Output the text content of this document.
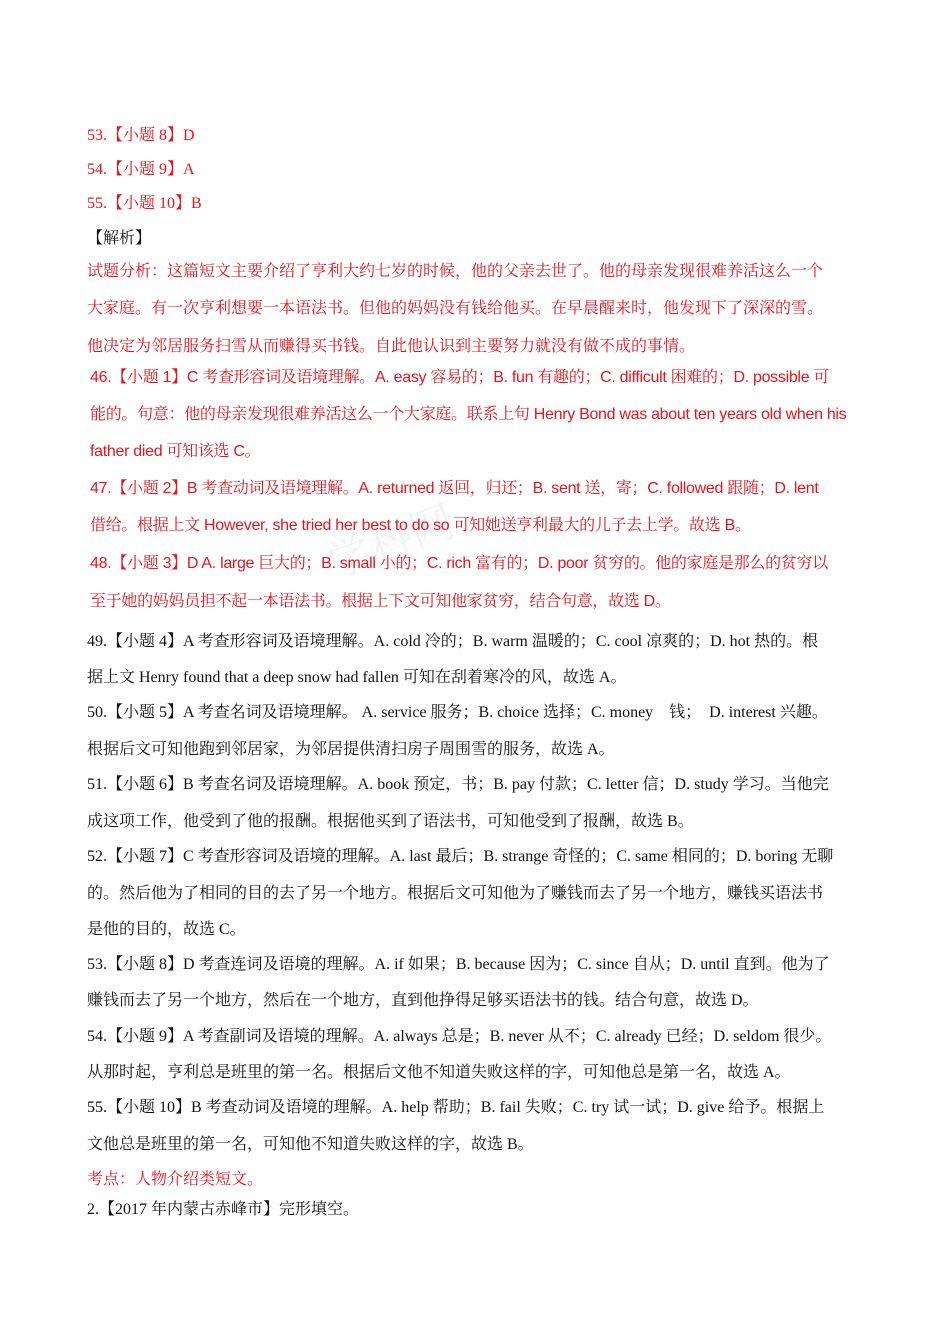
学科网
53.【小题 8】D
54.【小题 9】A
55.【小题 10】B
【解析】
试题分析：这篇短文主要介绍了亨利大约七岁的时候，他的父亲去世了。他的母亲发现很难养活这么一个
大家庭。有一次亨利想要一本语法书。但他的妈妈没有钱给他买。在早晨醒来时，他发现下了深深的雪。
他决定为邻居服务扫雪从而赚得买书钱。自此他认识到主要努力就没有做不成的事情。
46.【小题 1】C 考查形容词及语境理解。A. easy 容易的；B. fun 有趣的；C. difficult 困难的；D. possible 可
能的。句意：他的母亲发现很难养活这么一个大家庭。联系上句 Henry Bond was about ten years old when his
father died 可知该选 C。
47.【小题 2】B 考查动词及语境理解。A. returned 返回，归还；B. sent 送，寄；C. followed 跟随；D. lent
借给。根据上文 However, she tried her best to do so 可知她送亨利最大的儿子去上学。故选 B。
48.【小题 3】D A. large 巨大的；B. small 小的；C. rich 富有的；D. poor 贫穷的。他的家庭是那么的贫穷以
至于她的妈妈员担不起一本语法书。根据上下文可知他家贫穷，结合句意，故选 D。
49.【小题 4】A 考查形容词及语境理解。A. cold 冷的；B. warm 温暖的；C. cool 凉爽的；D. hot 热的。根
据上文 Henry found that a deep snow had fallen 可知在刮着寒冷的风，故选 A。
50.【小题 5】A 考查名词及语境理解。 A. service 服务；B. choice 选择；C. money　钱；　D. interest 兴趣。
根据后文可知他跑到邻居家，为邻居提供清扫房子周围雪的服务，故选 A。
51.【小题 6】B 考查名词及语境理解。A. book 预定，书；B. pay 付款；C. letter 信；D. study 学习。当他完
成这项工作，他受到了他的报酬。根据他买到了语法书，可知他受到了报酬，故选 B。
52.【小题 7】C 考查形容词及语境的理解。A. last 最后；B. strange 奇怪的；C. same 相同的；D. boring 无聊
的。然后他为了相同的目的去了另一个地方。根据后文可知他为了赚钱而去了另一个地方，赚钱买语法书
是他的目的，故选 C。
53.【小题 8】D 考查连词及语境的理解。A. if 如果；B. because 因为；C. since 自从；D. until 直到。他为了
赚钱而去了另一个地方，然后在一个地方，直到他挣得足够买语法书的钱。结合句意，故选 D。
54.【小题 9】A 考查副词及语境的理解。A. always 总是；B. never 从不；C. already 已经；D. seldom 很少。
从那时起，亨利总是班里的第一名。根据后文他不知道失败这样的字，可知他总是第一名，故选 A。
55.【小题 10】B 考查动词及语境的理解。A. help 帮助；B. fail 失败；C. try 试一试；D. give 给予。根据上
文他总是班里的第一名，可知他不知道失败这样的字，故选 B。
考点：人物介绍类短文。
2.【2017 年内蒙古赤峰市】完形填空。
